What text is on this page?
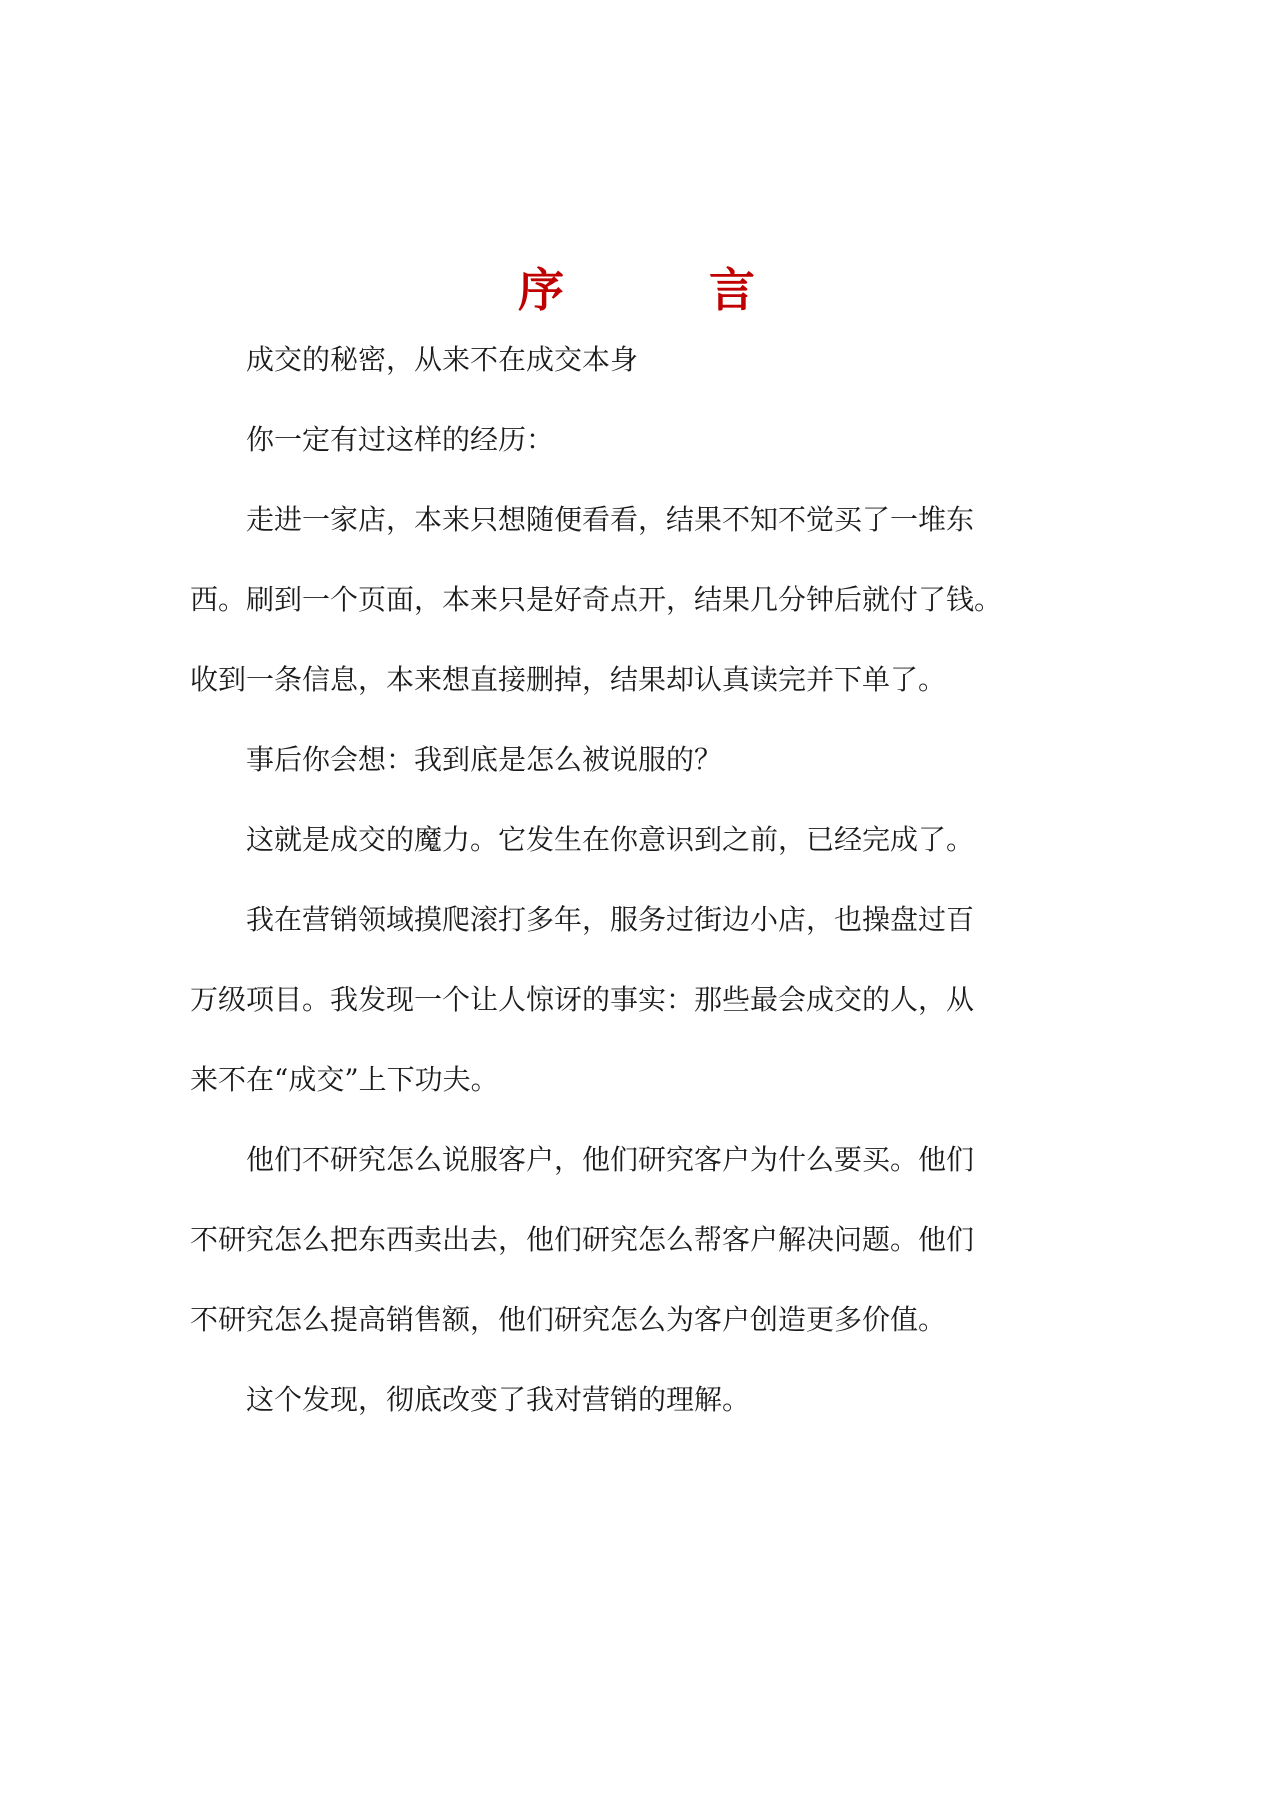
序	言

成交的秘密，从来不在成交本身

你一定有过这样的经历：

走进一家店，本来只想随便看看，结果不知不觉买了一堆东
西。刷到一个页面，本来只是好奇点开，结果几分钟后就付了钱。
收到一条信息，本来想直接删掉，结果却认真读完并下单了。

事后你会想：我到底是怎么被说服的？

这就是成交的魔力。它发生在你意识到之前，已经完成了。

我在营销领域摸爬滚打多年，服务过街边小店，也操盘过百
万级项目。我发现一个让人惊讶的事实：那些最会成交的人，从
来不在“成交”上下功夫。

他们不研究怎么说服客户，他们研究客户为什么要买。他们
不研究怎么把东西卖出去，他们研究怎么帮客户解决问题。他们
不研究怎么提高销售额，他们研究怎么为客户创造更多价值。

这个发现，彻底改变了我对营销的理解。
